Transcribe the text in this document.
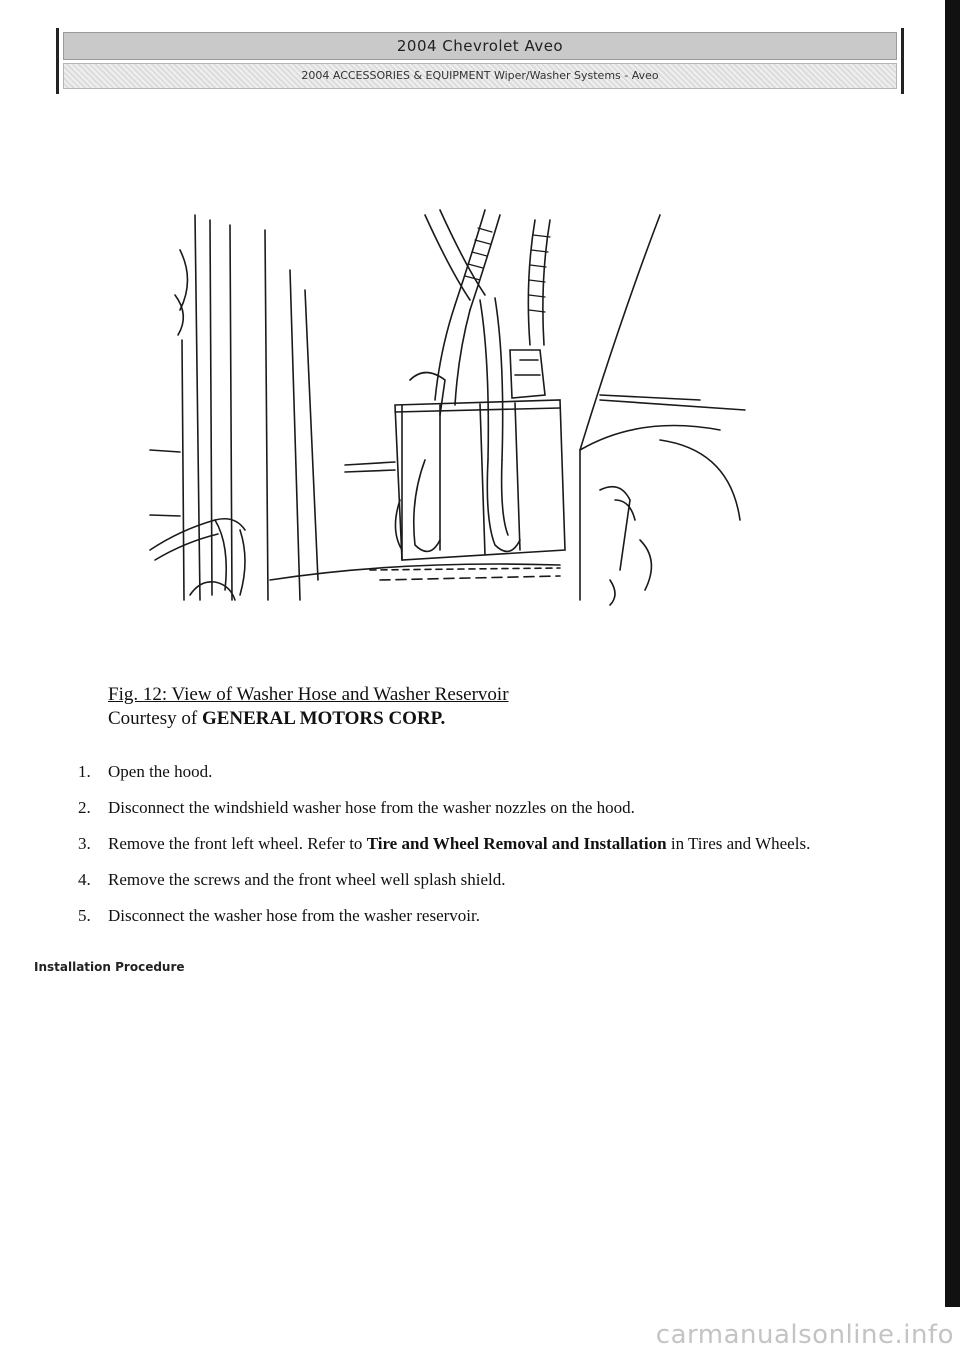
2004 Chevrolet Aveo
2004 ACCESSORIES & EQUIPMENT Wiper/Washer Systems - Aveo
Fig. 12: View of Washer Hose and Washer Reservoir
Courtesy of GENERAL MOTORS CORP.
1. Open the hood.
2. Disconnect the windshield washer hose from the washer nozzles on the hood.
3. Remove the front left wheel. Refer to Tire and Wheel Removal and Installation in Tires and Wheels.
4. Remove the screws and the front wheel well splash shield.
5. Disconnect the washer hose from the washer reservoir.
Installation Procedure
carmanualsonline.info
